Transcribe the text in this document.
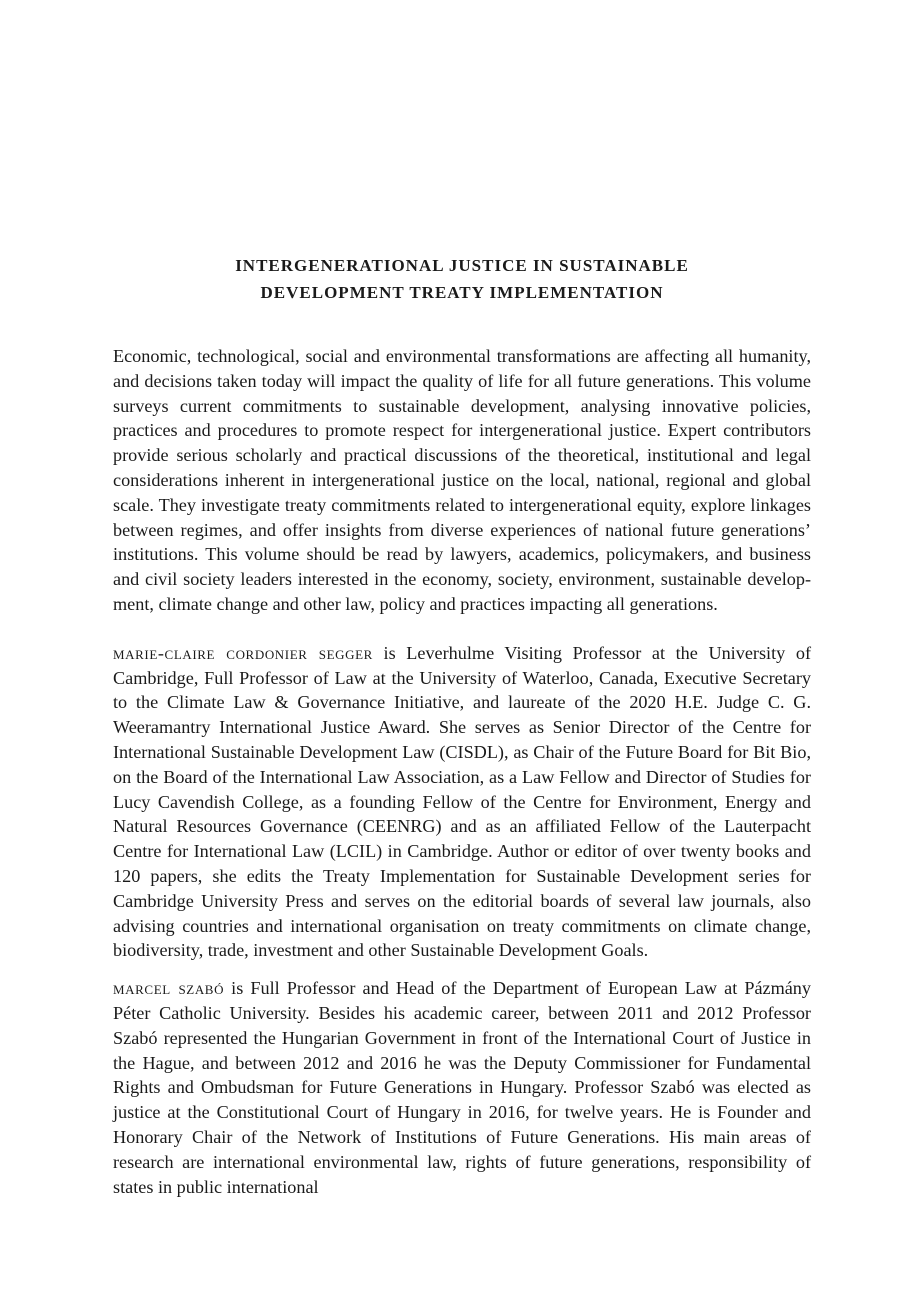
INTERGENERATIONAL JUSTICE IN SUSTAINABLE
DEVELOPMENT TREATY IMPLEMENTATION

Economic, technological, social and environmental transformations are affecting all humanity, and decisions taken today will impact the quality of life for all future generations. This volume surveys current commitments to sustainable development, analysing innovative policies, practices and procedures to promote respect for intergenerational justice. Expert contributors provide serious scholarly and practical discussions of the theoretical, institutional and legal considerations inherent in intergenerational justice on the local, national, regional and global scale. They investigate treaty commitments related to intergenerational equity, explore linkages between regimes, and offer insights from diverse experiences of national future generations’ institutions. This volume should be read by lawyers, academics, policymakers, and business and civil society leaders interested in the economy, society, environment, sustainable development, climate change and other law, policy and practices impacting all generations.

marie-claire cordonier segger is Leverhulme Visiting Professor at the University of Cambridge, Full Professor of Law at the University of Waterloo, Canada, Executive Secretary to the Climate Law & Governance Initiative, and laureate of the 2020 H.E. Judge C. G. Weeramantry International Justice Award. She serves as Senior Director of the Centre for International Sustainable Development Law (CISDL), as Chair of the Future Board for Bit Bio, on the Board of the International Law Association, as a Law Fellow and Director of Studies for Lucy Cavendish College, as a founding Fellow of the Centre for Environment, Energy and Natural Resources Governance (CEENRG) and as an affiliated Fellow of the Lauterpacht Centre for International Law (LCIL) in Cambridge. Author or editor of over twenty books and 120 papers, she edits the Treaty Implementation for Sustainable Development series for Cambridge University Press and serves on the editorial boards of several law journals, also advising countries and international organisation on treaty commitments on climate change, biodiversity, trade, investment and other Sustainable Development Goals.

marcel szabó is Full Professor and Head of the Department of European Law at Pázmány Péter Catholic University. Besides his academic career, between 2011 and 2012 Professor Szabó represented the Hungarian Government in front of the International Court of Justice in the Hague, and between 2012 and 2016 he was the Deputy Commissioner for Fundamental Rights and Ombudsman for Future Generations in Hungary. Professor Szabó was elected as justice at the Constitutional Court of Hungary in 2016, for twelve years. He is Founder and Honorary Chair of the Network of Institutions of Future Generations. His main areas of research are international environmental law, rights of future generations, responsibility of states in public international
